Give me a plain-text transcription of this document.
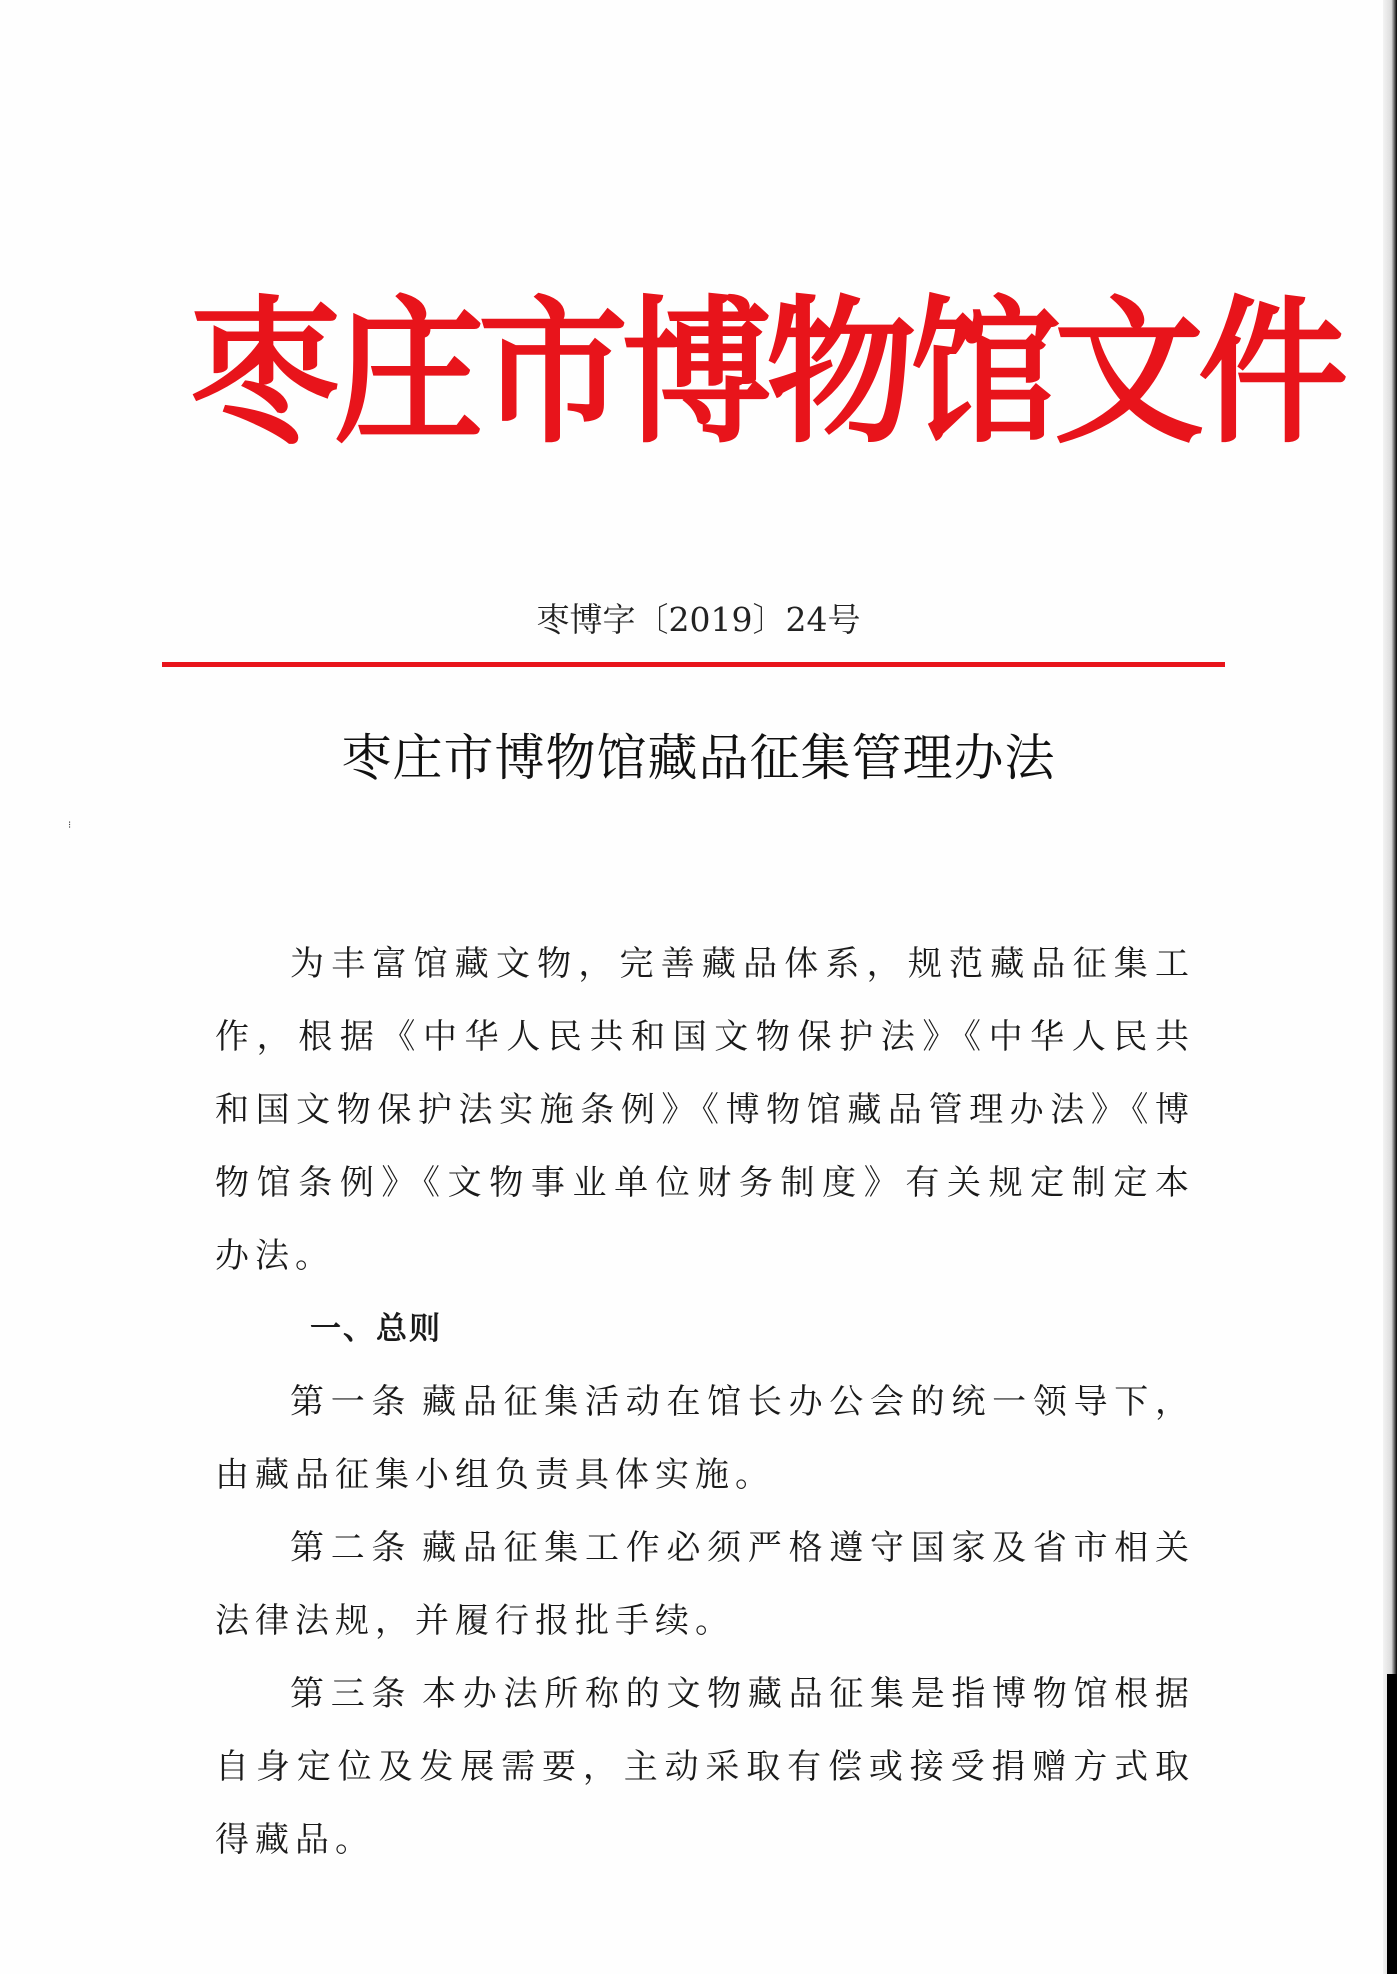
枣庄市博物馆文件
枣博字〔2019〕24号
枣庄市博物馆藏品征集管理办法
⁝

为丰富馆藏文物，完善藏品体系，规范藏品征集工作，根据《中华人民共和国文物保护法》《中华人民共和国文物保护法实施条例》《博物馆藏品管理办法》《博物馆条例》《文物事业单位财务制度》有关规定制定本办法。

一、总则

第一条 藏品征集活动在馆长办公会的统一领导下，由藏品征集小组负责具体实施。

第二条 藏品征集工作必须严格遵守国家及省市相关法律法规，并履行报批手续。

第三条 本办法所称的文物藏品征集是指博物馆根据自身定位及发展需要，主动采取有偿或接受捐赠方式取得藏品。
